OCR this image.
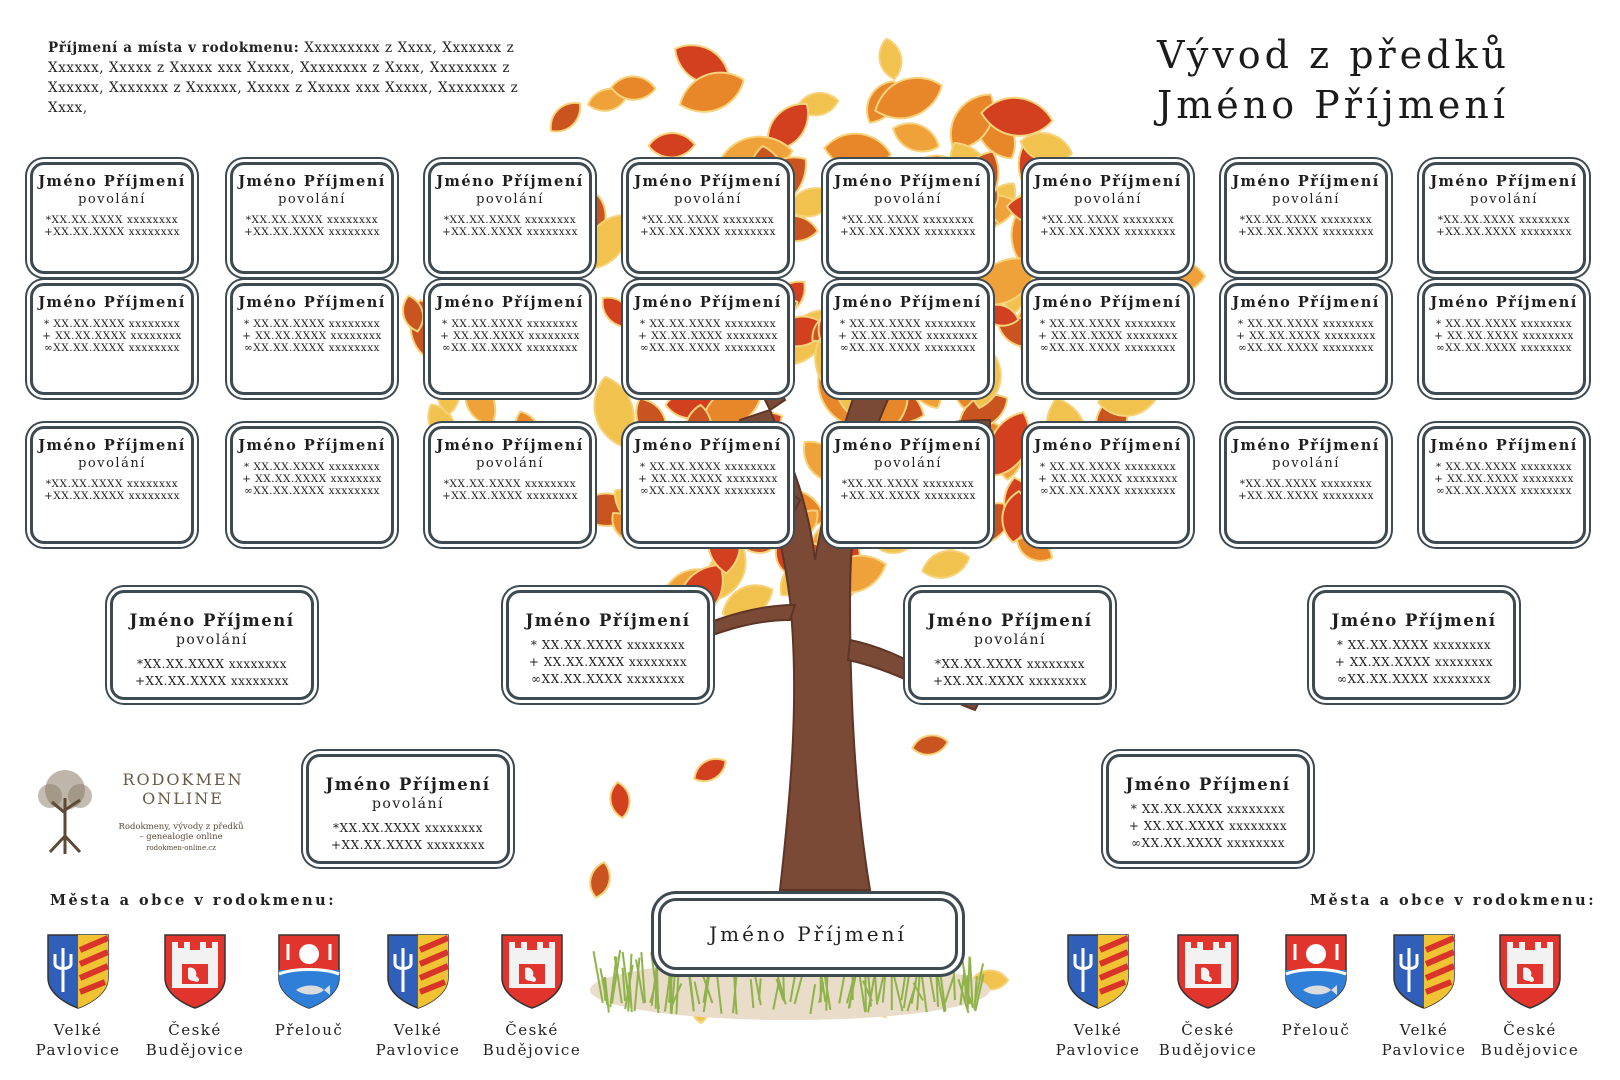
Příjmení a místa v rodokmenu: Xxxxxxxxx z Xxxx, Xxxxxxx z Xxxxxx, Xxxxx z Xxxxx xxx Xxxxx, Xxxxxxxx z Xxxx, Xxxxxxxx z Xxxxxx, Xxxxxxx z Xxxxxx, Xxxxx z Xxxxx xxx Xxxxx, Xxxxxxxx z Xxxx,
Vývod z předků
Jméno Příjmení
Jméno Příjmení
povolání
*XX.XX.XXXX xxxxxxxx
+XX.XX.XXXX xxxxxxxx
Jméno Příjmení
povolání
*XX.XX.XXXX xxxxxxxx
+XX.XX.XXXX xxxxxxxx
Jméno Příjmení
povolání
*XX.XX.XXXX xxxxxxxx
+XX.XX.XXXX xxxxxxxx
Jméno Příjmení
povolání
*XX.XX.XXXX xxxxxxxx
+XX.XX.XXXX xxxxxxxx
Jméno Příjmení
povolání
*XX.XX.XXXX xxxxxxxx
+XX.XX.XXXX xxxxxxxx
Jméno Příjmení
povolání
*XX.XX.XXXX xxxxxxxx
+XX.XX.XXXX xxxxxxxx
Jméno Příjmení
povolání
*XX.XX.XXXX xxxxxxxx
+XX.XX.XXXX xxxxxxxx
Jméno Příjmení
povolání
*XX.XX.XXXX xxxxxxxx
+XX.XX.XXXX xxxxxxxx
Jméno Příjmení
* XX.XX.XXXX xxxxxxxx
+ XX.XX.XXXX xxxxxxxx
∞XX.XX.XXXX xxxxxxxx
Jméno Příjmení
* XX.XX.XXXX xxxxxxxx
+ XX.XX.XXXX xxxxxxxx
∞XX.XX.XXXX xxxxxxxx
Jméno Příjmení
* XX.XX.XXXX xxxxxxxx
+ XX.XX.XXXX xxxxxxxx
∞XX.XX.XXXX xxxxxxxx
Jméno Příjmení
* XX.XX.XXXX xxxxxxxx
+ XX.XX.XXXX xxxxxxxx
∞XX.XX.XXXX xxxxxxxx
Jméno Příjmení
* XX.XX.XXXX xxxxxxxx
+ XX.XX.XXXX xxxxxxxx
∞XX.XX.XXXX xxxxxxxx
Jméno Příjmení
* XX.XX.XXXX xxxxxxxx
+ XX.XX.XXXX xxxxxxxx
∞XX.XX.XXXX xxxxxxxx
Jméno Příjmení
* XX.XX.XXXX xxxxxxxx
+ XX.XX.XXXX xxxxxxxx
∞XX.XX.XXXX xxxxxxxx
Jméno Příjmení
* XX.XX.XXXX xxxxxxxx
+ XX.XX.XXXX xxxxxxxx
∞XX.XX.XXXX xxxxxxxx
Jméno Příjmení
povolání
*XX.XX.XXXX xxxxxxxx
+XX.XX.XXXX xxxxxxxx
Jméno Příjmení
* XX.XX.XXXX xxxxxxxx
+ XX.XX.XXXX xxxxxxxx
∞XX.XX.XXXX xxxxxxxx
Jméno Příjmení
povolání
*XX.XX.XXXX xxxxxxxx
+XX.XX.XXXX xxxxxxxx
Jméno Příjmení
* XX.XX.XXXX xxxxxxxx
+ XX.XX.XXXX xxxxxxxx
∞XX.XX.XXXX xxxxxxxx
Jméno Příjmení
povolání
*XX.XX.XXXX xxxxxxxx
+XX.XX.XXXX xxxxxxxx
Jméno Příjmení
* XX.XX.XXXX xxxxxxxx
+ XX.XX.XXXX xxxxxxxx
∞XX.XX.XXXX xxxxxxxx
Jméno Příjmení
povolání
*XX.XX.XXXX xxxxxxxx
+XX.XX.XXXX xxxxxxxx
Jméno Příjmení
* XX.XX.XXXX xxxxxxxx
+ XX.XX.XXXX xxxxxxxx
∞XX.XX.XXXX xxxxxxxx
Jméno Příjmení
povolání
*XX.XX.XXXX xxxxxxxx
+XX.XX.XXXX xxxxxxxx
Jméno Příjmení
* XX.XX.XXXX xxxxxxxx
+ XX.XX.XXXX xxxxxxxx
∞XX.XX.XXXX xxxxxxxx
Jméno Příjmení
povolání
*XX.XX.XXXX xxxxxxxx
+XX.XX.XXXX xxxxxxxx
Jméno Příjmení
* XX.XX.XXXX xxxxxxxx
+ XX.XX.XXXX xxxxxxxx
∞XX.XX.XXXX xxxxxxxx
Jméno Příjmení
povolání
*XX.XX.XXXX xxxxxxxx
+XX.XX.XXXX xxxxxxxx
Jméno Příjmení
* XX.XX.XXXX xxxxxxxx
+ XX.XX.XXXX xxxxxxxx
∞XX.XX.XXXX xxxxxxxx
Jméno Příjmení
RODOKMEN
ONLINE
Rodokmeny, vývody z předků
– genealogie online
rodokmen-online.cz
Města a obce v rodokmenu:	Města a obce v rodokmenu:
Velké
Pavlovice
České
Budějovice
Přelouč	Velké
Pavlovice
České
Budějovice
Velké
Pavlovice
České
Budějovice
Přelouč	Velké
Pavlovice
České
Budějovice
